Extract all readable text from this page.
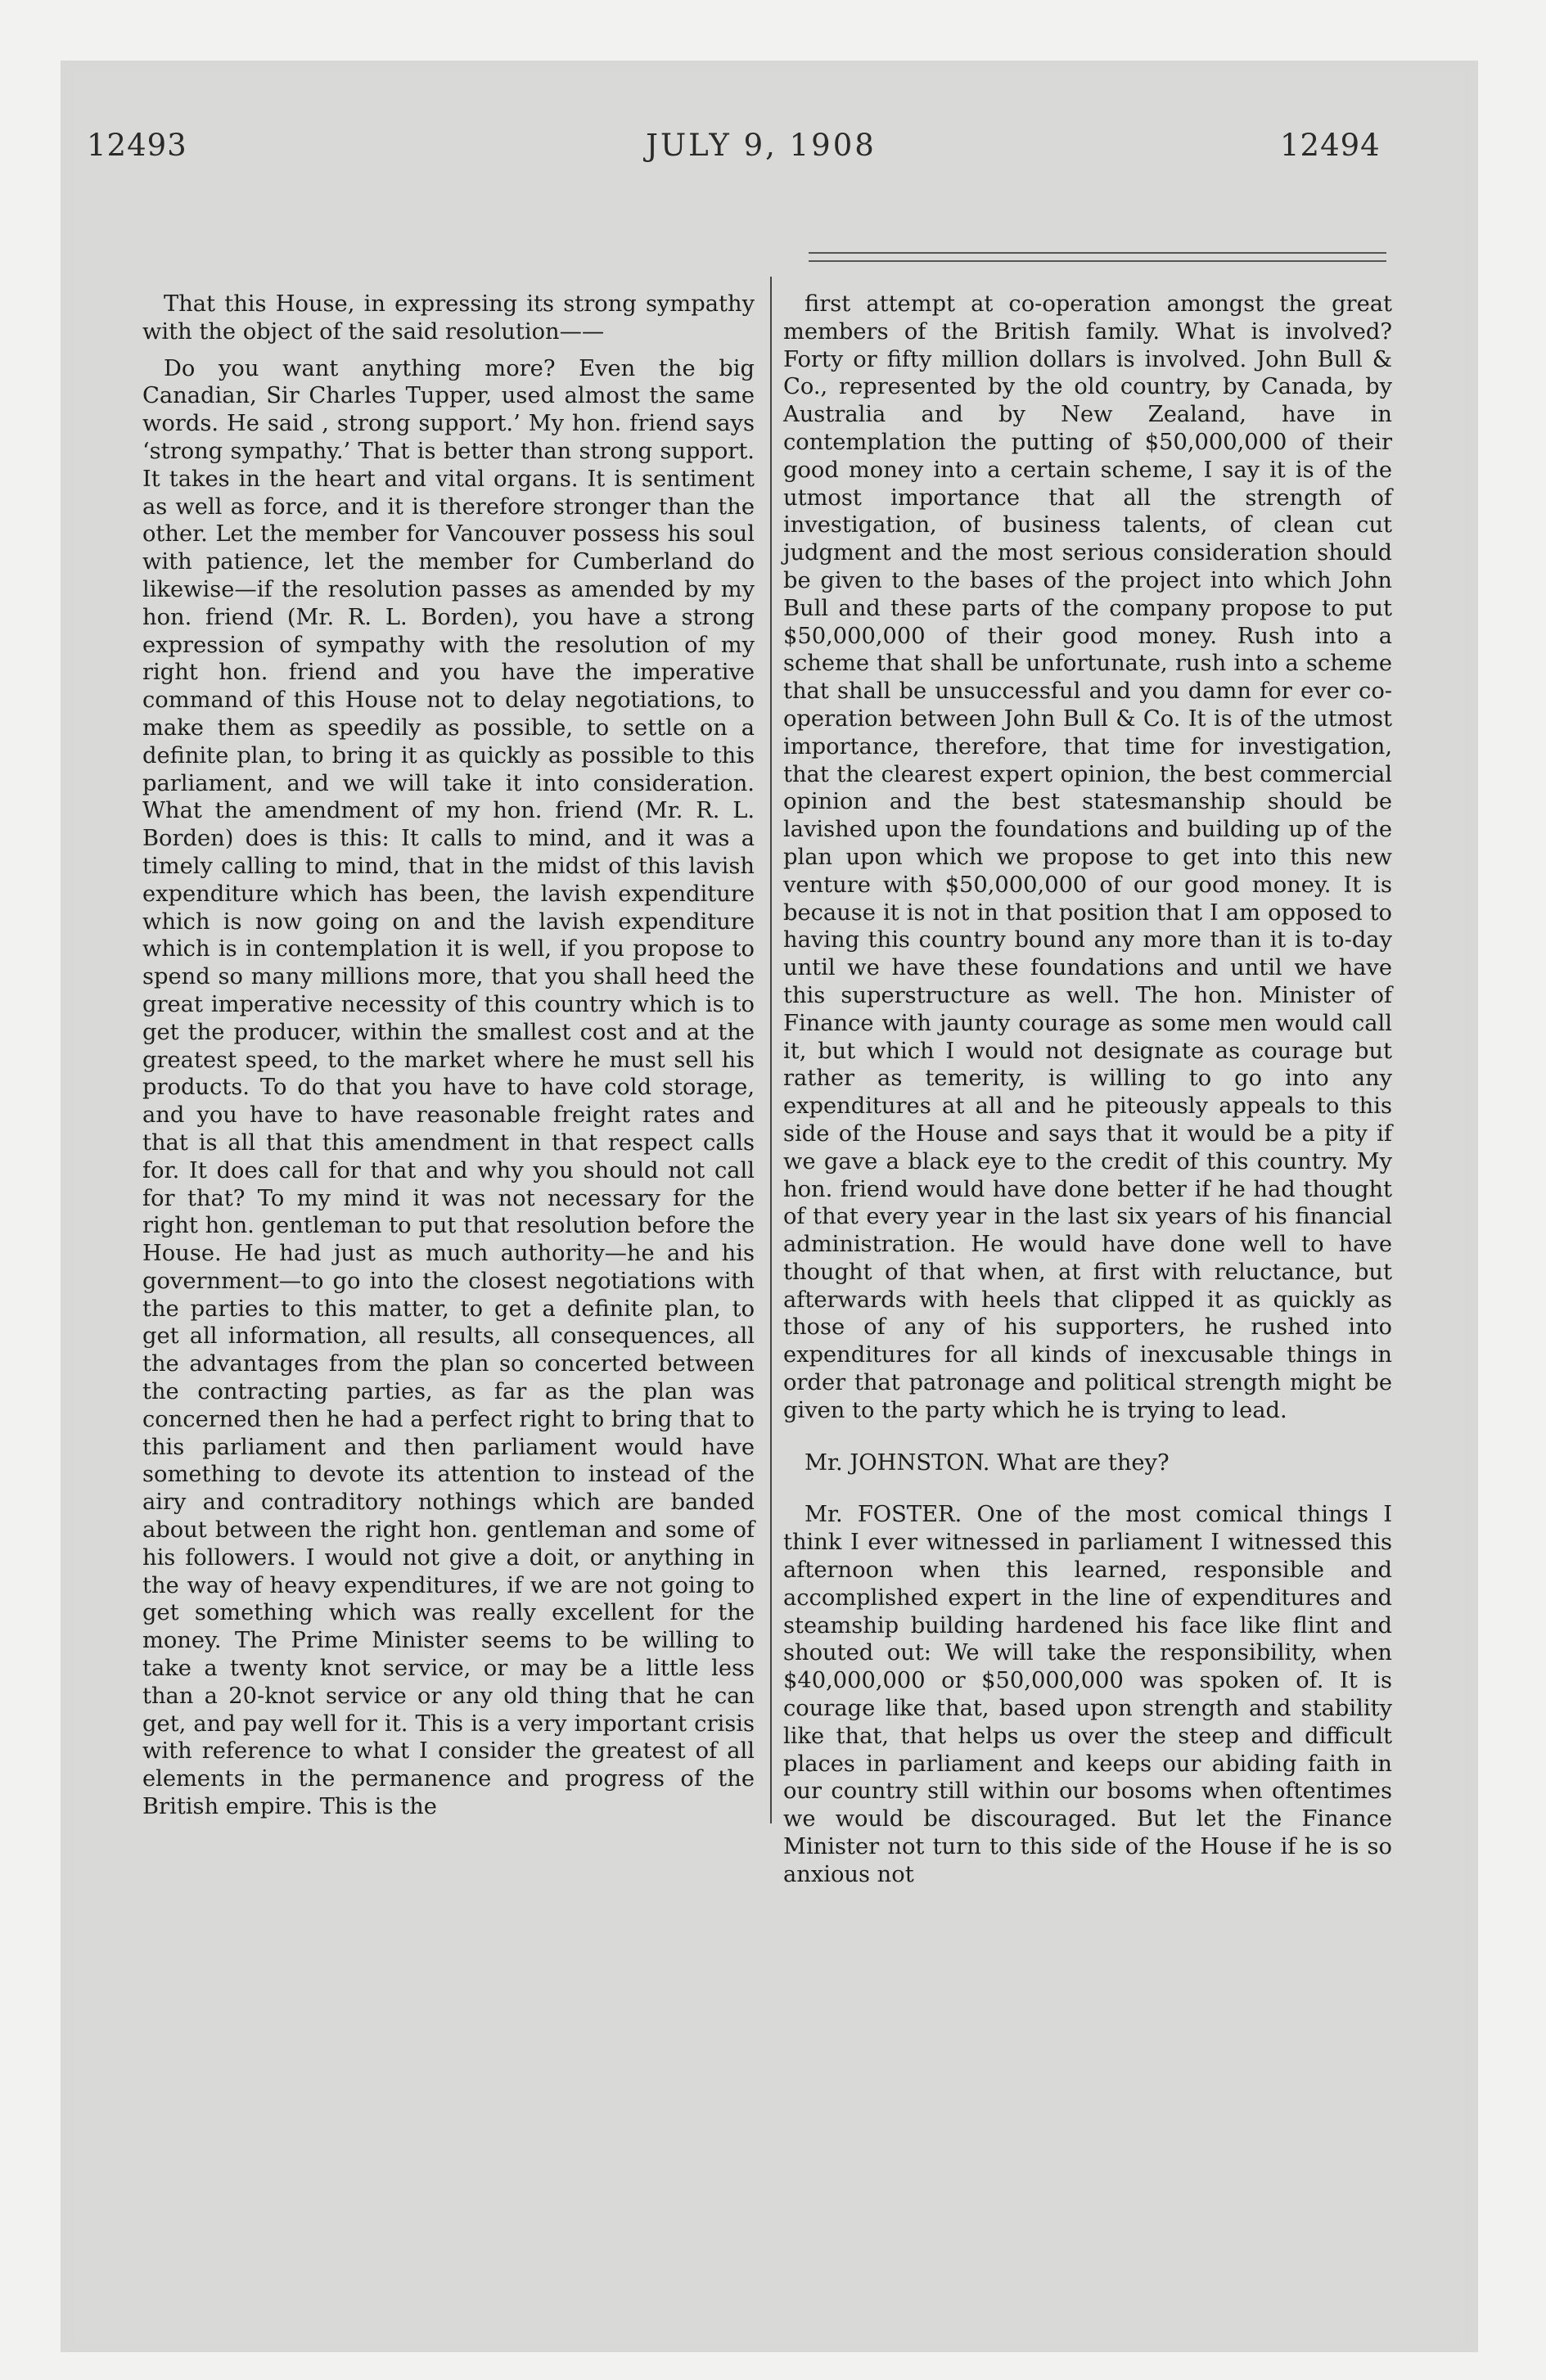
12493	JULY 9, 1908	12494

That this House, in expressing its strong sympathy with the object of the said resolution——

Do you want anything more? Even the big Canadian, Sir Charles Tupper, used almost the same words. He said , strong support.’ My hon. friend says ‘strong sympathy.’ That is better than strong support. It takes in the heart and vital organs. It is sentiment as well as force, and it is therefore stronger than the other. Let the member for Vancouver possess his soul with patience, let the member for Cumberland do likewise—if the resolution passes as amended by my hon. friend (Mr. R. L. Borden), you have a strong expression of sympathy with the resolution of my right hon. friend and you have the imperative command of this House not to delay negotiations, to make them as speedily as possible, to settle on a definite plan, to bring it as quickly as possible to this parliament, and we will take it into consideration. What the amendment of my hon. friend (Mr. R. L. Borden) does is this: It calls to mind, and it was a timely calling to mind, that in the midst of this lavish expenditure which has been, the lavish expenditure which is now going on and the lavish expenditure which is in contemplation it is well, if you propose to spend so many millions more, that you shall heed the great imperative necessity of this country which is to get the producer, within the smallest cost and at the greatest speed, to the market where he must sell his products. To do that you have to have cold storage, and you have to have reasonable freight rates and that is all that this amendment in that respect calls for. It does call for that and why you should not call for that? To my mind it was not necessary for the right hon. gentleman to put that resolution before the House. He had just as much authority—he and his government—to go into the closest negotiations with the parties to this matter, to get a definite plan, to get all information, all results, all consequences, all the advantages from the plan so concerted between the contracting parties, as far as the plan was concerned then he had a perfect right to bring that to this parliament and then parliament would have something to devote its attention to instead of the airy and contraditory nothings which are banded about between the right hon. gentleman and some of his followers. I would not give a doit, or anything in the way of heavy expenditures, if we are not going to get something which was really excellent for the money. The Prime Minister seems to be willing to take a twenty knot service, or may be a little less than a 20-knot service or any old thing that he can get, and pay well for it. This is a very important crisis with reference to what I consider the greatest of all elements in the permanence and progress of the British empire. This is the

first attempt at co-operation amongst the great members of the British family. What is involved? Forty or fifty million dollars is involved. John Bull & Co., represented by the old country, by Canada, by Australia and by New Zealand, have in contemplation the putting of $50,000,000 of their good money into a certain scheme, I say it is of the utmost importance that all the strength of investigation, of business talents, of clean cut judgment and the most serious consideration should be given to the bases of the project into which John Bull and these parts of the company propose to put $50,000,000 of their good money. Rush into a scheme that shall be unfortunate, rush into a scheme that shall be unsuccessful and you damn for ever co-operation between John Bull & Co. It is of the utmost importance, therefore, that time for investigation, that the clearest expert opinion, the best commercial opinion and the best statesmanship should be lavished upon the foundations and building up of the plan upon which we propose to get into this new venture with $50,000,000 of our good money. It is because it is not in that position that I am opposed to having this country bound any more than it is to-day until we have these foundations and until we have this superstructure as well. The hon. Minister of Finance with jaunty courage as some men would call it, but which I would not designate as courage but rather as temerity, is willing to go into any expenditures at all and he piteously appeals to this side of the House and says that it would be a pity if we gave a black eye to the credit of this country. My hon. friend would have done better if he had thought of that every year in the last six years of his financial administration. He would have done well to have thought of that when, at first with reluctance, but afterwards with heels that clipped it as quickly as those of any of his supporters, he rushed into expenditures for all kinds of inexcusable things in order that patronage and political strength might be given to the party which he is trying to lead.

Mr. JOHNSTON. What are they?

Mr. FOSTER. One of the most comical things I think I ever witnessed in parliament I witnessed this afternoon when this learned, responsible and accomplished expert in the line of expenditures and steamship building hardened his face like flint and shouted out: We will take the responsibility, when $40,000,000 or $50,000,000 was spoken of. It is courage like that, based upon strength and stability like that, that helps us over the steep and difficult places in parliament and keeps our abiding faith in our country still within our bosoms when oftentimes we would be discouraged. But let the Finance Minister not turn to this side of the House if he is so anxious not
